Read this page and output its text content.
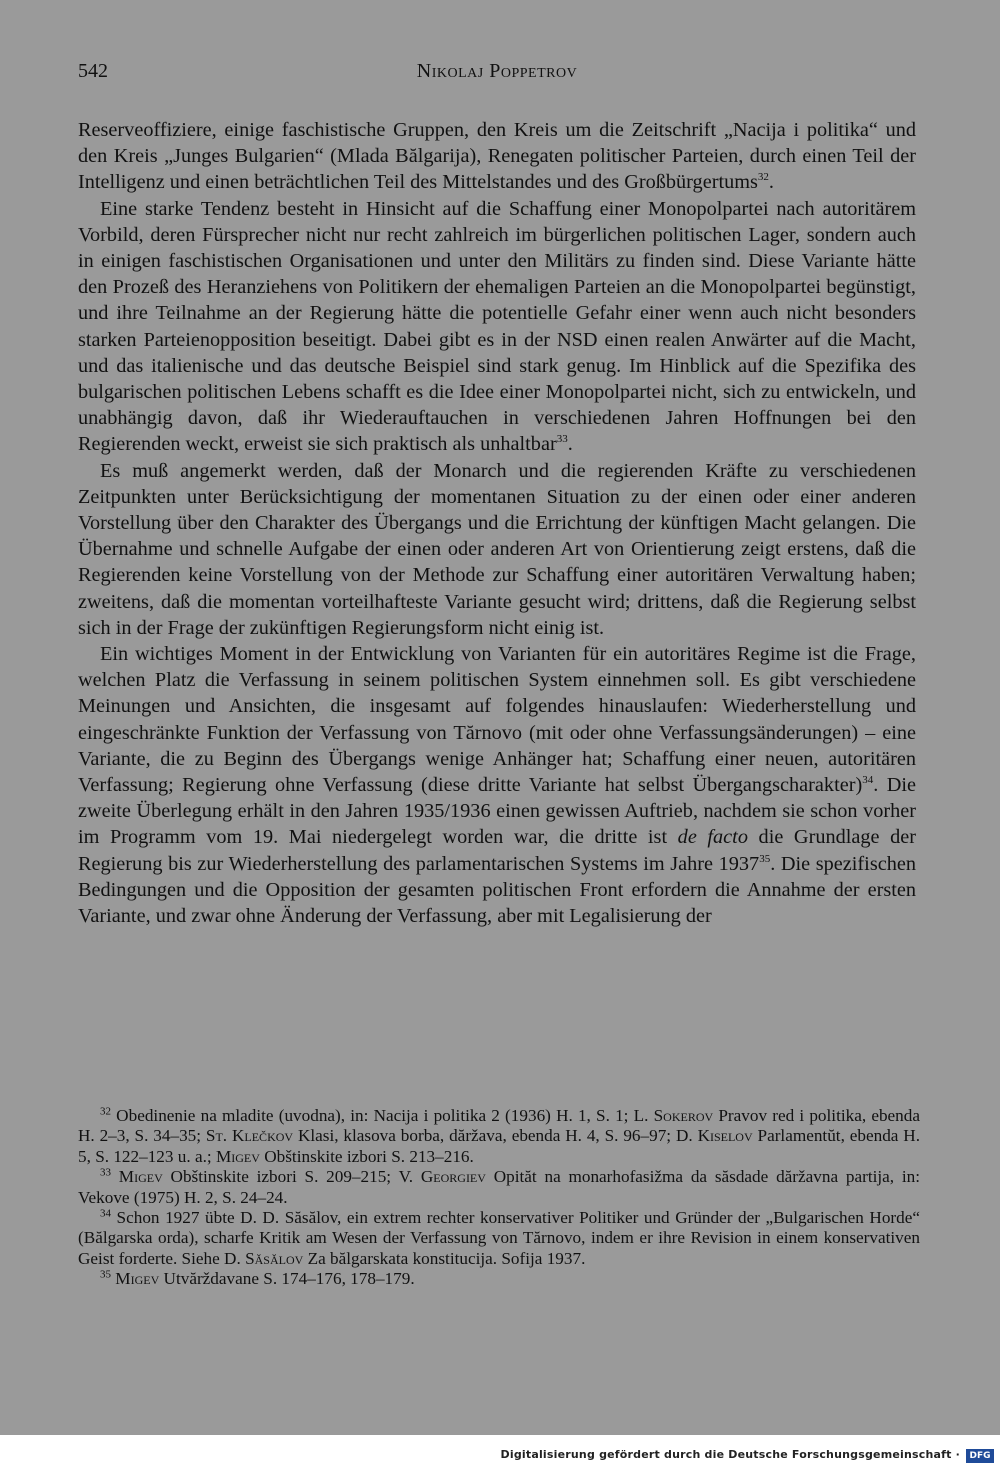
542	Nikolaj Poppetrov

Reserveoffiziere, einige faschistische Gruppen, den Kreis um die Zeitschrift „Nacija i politika“ und den Kreis „Junges Bulgarien“ (Mlada Bălgarija), Renegaten politischer Parteien, durch einen Teil der Intelligenz und einen beträchtlichen Teil des Mittelstandes und des Großbürgertums$^{32}$.

Eine starke Tendenz besteht in Hinsicht auf die Schaffung einer Monopolpartei nach autoritärem Vorbild, deren Fürsprecher nicht nur recht zahlreich im bürgerlichen politischen Lager, sondern auch in einigen faschistischen Organisationen und unter den Militärs zu finden sind. Diese Variante hätte den Prozeß des Heranziehens von Politikern der ehemaligen Parteien an die Monopolpartei begünstigt, und ihre Teilnahme an der Regierung hätte die potentielle Gefahr einer wenn auch nicht besonders starken Parteienopposition beseitigt. Dabei gibt es in der NSD einen realen Anwärter auf die Macht, und das italienische und das deutsche Beispiel sind stark genug. Im Hinblick auf die Spezifika des bulgarischen politischen Lebens schafft es die Idee einer Monopolpartei nicht, sich zu entwickeln, und unabhängig davon, daß ihr Wiederauftauchen in verschiedenen Jahren Hoffnungen bei den Regierenden weckt, erweist sie sich praktisch als unhaltbar$^{33}$.

Es muß angemerkt werden, daß der Monarch und die regierenden Kräfte zu verschiedenen Zeitpunkten unter Berücksichtigung der momentanen Situation zu der einen oder einer anderen Vorstellung über den Charakter des Übergangs und die Errichtung der künftigen Macht gelangen. Die Übernahme und schnelle Aufgabe der einen oder anderen Art von Orientierung zeigt erstens, daß die Regierenden keine Vorstellung von der Methode zur Schaffung einer autoritären Verwaltung haben; zweitens, daß die momentan vorteilhafteste Variante gesucht wird; drittens, daß die Regierung selbst sich in der Frage der zukünftigen Regierungsform nicht einig ist.

Ein wichtiges Moment in der Entwicklung von Varianten für ein autoritäres Regime ist die Frage, welchen Platz die Verfassung in seinem politischen System einnehmen soll. Es gibt verschiedene Meinungen und Ansichten, die insgesamt auf folgendes hinauslaufen: Wiederherstellung und eingeschränkte Funktion der Verfassung von Tărnovo (mit oder ohne Verfassungsänderungen) – eine Variante, die zu Beginn des Übergangs wenige Anhänger hat; Schaffung einer neuen, autoritären Verfassung; Regierung ohne Verfassung (diese dritte Variante hat selbst Übergangscharakter)$^{34}$. Die zweite Überlegung erhält in den Jahren 1935/1936 einen gewissen Auftrieb, nachdem sie schon vorher im Programm vom 19. Mai niedergelegt worden war, die dritte ist de facto die Grundlage der Regierung bis zur Wiederherstellung des parlamentarischen Systems im Jahre 1937$^{35}$. Die spezifischen Bedingungen und die Opposition der gesamten politischen Front erfordern die Annahme der ersten Variante, und zwar ohne Änderung der Verfassung, aber mit Legalisierung der

$^{32}$ Obedinenie na mladite (uvodna), in: Nacija i politika 2 (1936) H. 1, S. 1; L. Sokerov Pravov red i politika, ebenda H. 2–3, S. 34–35; St. Klečkov Klasi, klasova borba, dăržava, ebenda H. 4, S. 96–97; D. Kiselov Parlamentŭt, ebenda H. 5, S. 122–123 u. a.; Migev Obštinskite izbori S. 213–216.

$^{33}$ Migev Obštinskite izbori S. 209–215; V. Georgiev Opităt na monarhofasižma da săsdade dăržavna partija, in: Vekove (1975) H. 2, S. 24–24.

$^{34}$ Schon 1927 übte D. D. Săsălov, ein extrem rechter konservativer Politiker und Gründer der „Bulgarischen Horde“ (Bălgarska orda), scharfe Kritik am Wesen der Verfassung von Tărnovo, indem er ihre Revision in einem konservativen Geist forderte. Siehe D. Săsălov Za bălgarskata konstitucija. Sofija 1937.

$^{35}$ Migev Utvărždavane S. 174–176, 178–179.

Digitalisierung gefördert durch die Deutsche Forschungsgemeinschaft ·	DFG
